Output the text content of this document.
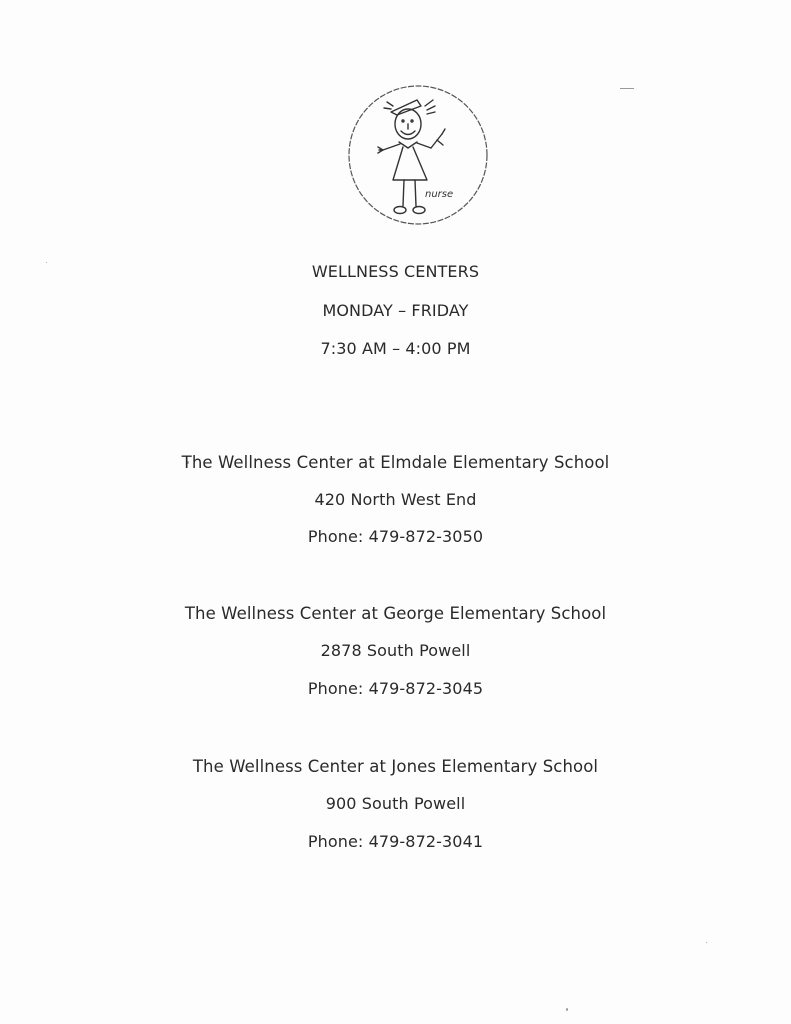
nurse
WELLNESS CENTERS
MONDAY – FRIDAY
7:30 AM – 4:00 PM
The Wellness Center at Elmdale Elementary School
420 North West End
Phone: 479-872-3050
The Wellness Center at George Elementary School
2878 South Powell
Phone: 479-872-3045
The Wellness Center at Jones Elementary School
900 South Powell
Phone: 479-872-3041
